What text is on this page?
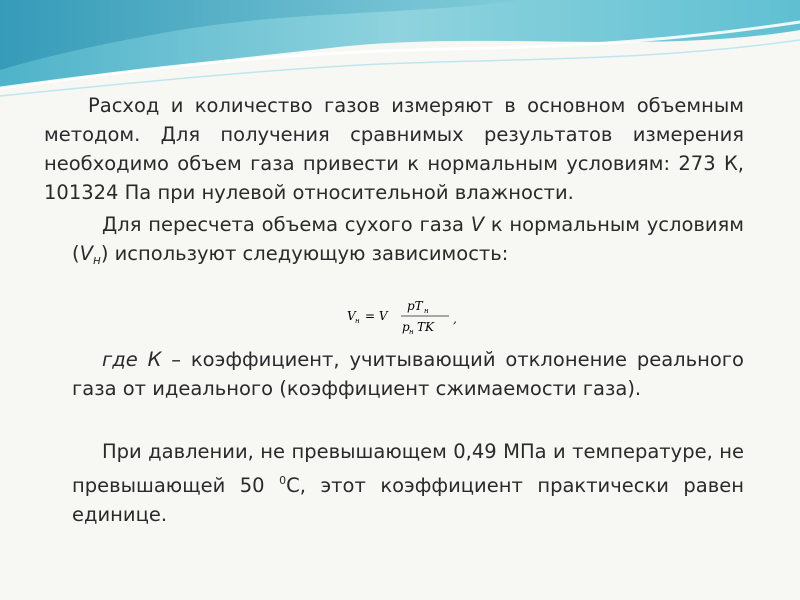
Расход и количество газов измеряют в основном объемным методом. Для получения сравнимых результатов измерения необходимо объем газа привести к нормальным условиям: 273 К, 101324 Па при нулевой относительной влажности.
Для пересчета объема сухого газа V к нормальным условиям $(V_н)$ используют следующую зависимость:
V н = V
pT н
p н TK
,
где К – коэффициент, учитывающий отклонение реального газа от идеального (коэффициент сжимаемости газа).
При давлении, не превышающем 0,49 МПа и температуре, не превышающей 50 $^0$С, этот коэффициент практически равен единице.
